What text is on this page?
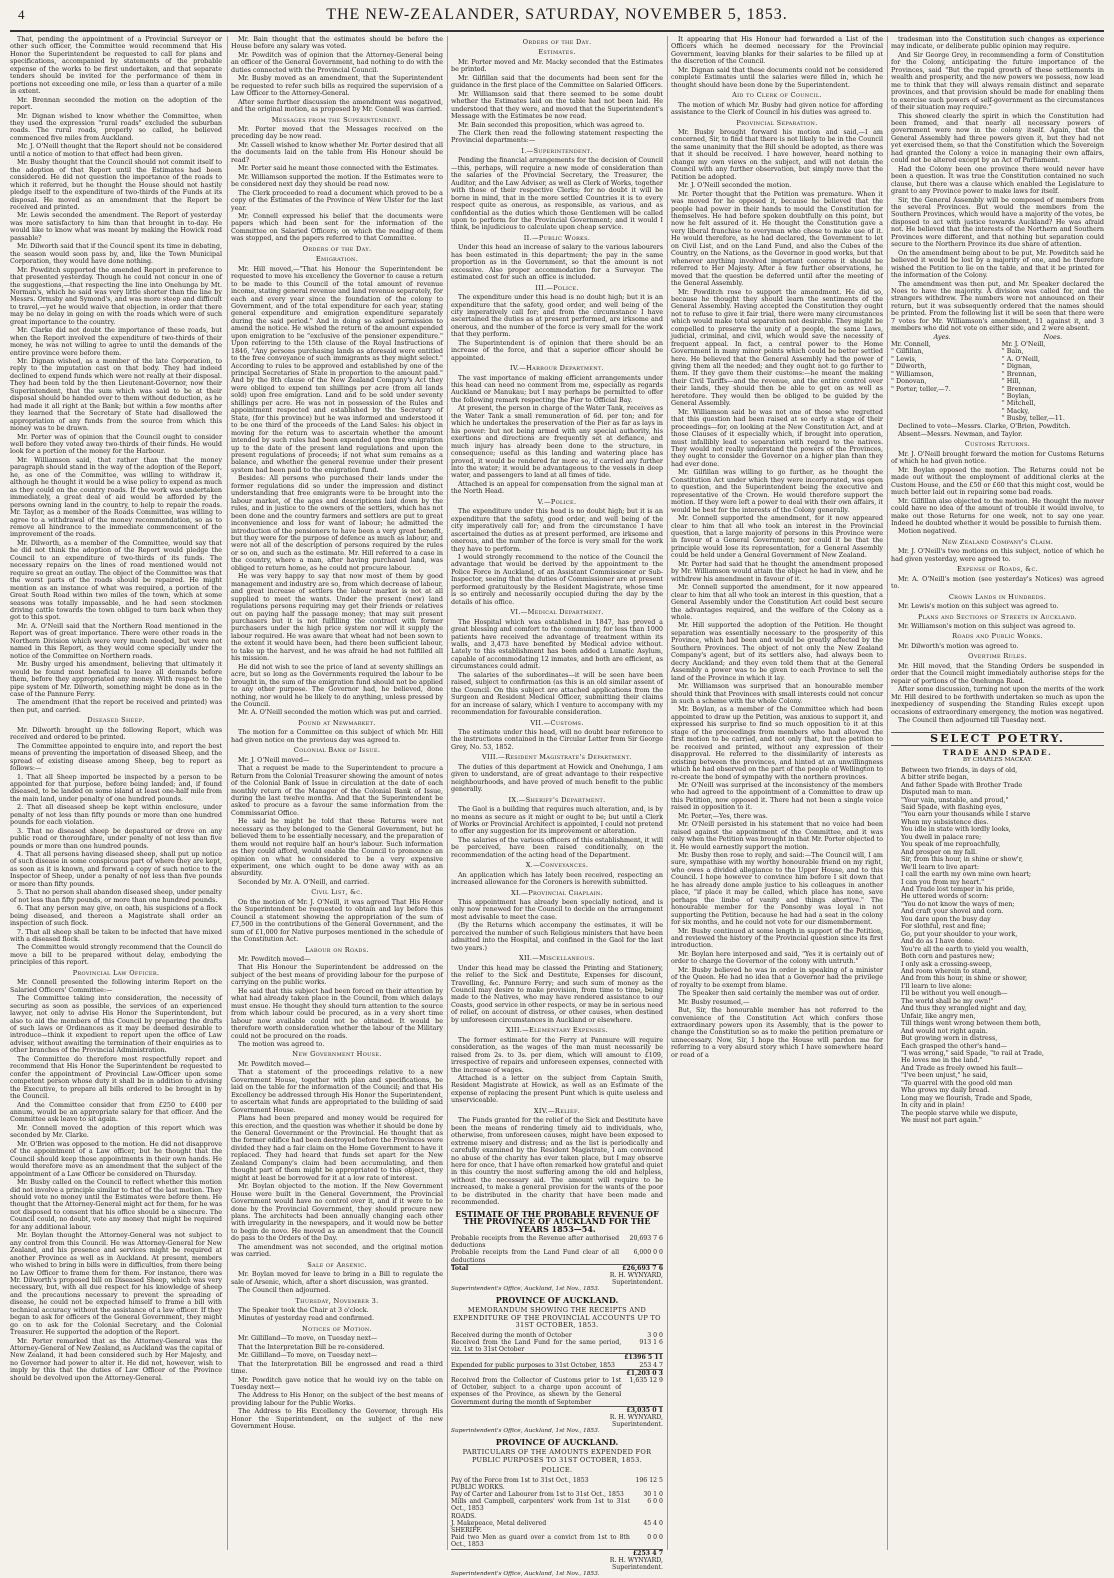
4	THE NEW-ZEALANDER, SATURDAY, NOVEMBER 5, 1853.

That, pending the appointment of a Provincial Surveyor or other such officer, the Committee would recommend that His Honor the Superintendent be requested to call for plans and specifications, accompanied by statements of the probable expense of the works to be first undertaken, and that separate tenders should be invited for the performance of them in portions not exceeding one mile, or less than a quarter of a mile in extent.

Mr. Brennan seconded the motion on the adoption of the report.

Mr. Dignan wished to know whether the Committee, when they used the expression "rural roads" excluded the suburban roads. The rural roads, properly so called, he believed commenced five miles from Auckland.

Mr. J. O'Neill thought that the Report should not be considered until a notice of motion to that effect had been given.

Mr. Busby thought that the Council should not commit itself to the adoption of that Report until the Estimates had been considered. He did not question the importance of the roads to which it referred, but he thought the House should not hastily pledge itself to the expenditure of two-thirds of the Funds at its disposal. He moved as an amendment that the Report be received and printed.

Mr. Lewis seconded the amendment. The Report of yesterday was more satisfactory to him than that brought in to-day. He would like to know what was meant by making the Howick road passable?

Mr. Dilworth said that if the Council spent its time in debating, the season would soon pass by, and, like the Town Municipal Corporation, they would have done nothing.

Mr. Powditch supported the amended Report in preference to that presented yesterday. Though he could not concur in one of the suggestions,—that respecting the line into Onehunga by Mt. Norman's, which he said was very little shorter than the line by Messrs. Ormsby and Symond's, and was more steep and difficult to travel,—yet he would waive that objection, in order that there may be no delay in going on with the roads which were of such great importance to the country.

Mr. Clarke did not doubt the importance of these roads, but when the Report involved the expenditure of two-thirds of their money, he was not willing to agree to until the demands of the entire province were before them.

Mr. Dignan wished, as a member of the late Corporation, to reply to the imputation cast on that body. They had indeed declined to expend funds which were not really at their disposal. They had been told by the then Lieutenant-Governor, now their Superintendent, that the sum which was said to be at their disposal should be handed over to them without deduction, as he had made it all right at the Bank; but within a few months after they learned that the Secretary of State had disallowed the appropriation of any funds from the source from which this money was to be drawn.

Mr. Porter was of opinion that the Council ought to consider well before they voted away two-thirds of their funds. He would look for a portion of the money for the Harbour.

Mr. Williamson said, that rather than that the money paragraph should stand in the way of the adoption of the Report, he, as one of the Committee, was willing to withdraw it, although he thought it would be a wise policy to expend as much as they could on the country roads. If the work was undertaken immediately, a great deal of aid would be afforded by the persons owning land in the country, to help to repair the roads. Mr. Taylor, as a member of the Roads Committee, was willing to agree to a withdrawal of the money recommendation, so as to remove all hindrance to the immediate commencement of the improvement of the roads.

Mr. Dilworth, as a member of the Committee, would say that he did not think the adoption of the Report would pledge the Council to an expenditure of two-thirds of its funds. The necessary repairs on the lines of road mentioned would not require so great an outlay. The object of the Committee was that the worst parts of the roads should be repaired. He might mention as an instance of what was required, a portion of the Great South Road within two miles of the town, which at some seasons was totally impassable, and he had seen stockmen driving cattle towards the town obliged to turn back when they got to this spot.

Mr. A. O'Neill said that the Northern Road mentioned in the Report was of great importance. There were other roads in the Northern Division which were very much needed, but were not named in this Report, as they would come specially under the notice of the Committee on Northern roads.

Mr. Busby urged his amendment, believing that ultimately it would be found most beneficial to leave all demands before them, before they appropriated any money. With respect to the pipe system of Mr. Dilworth, something might be done as in the case of the Pannure Ferry.

The amendment (that the report be received and printed) was then put, and carried.

Diseased Sheep.

Mr. Dilworth brought up the following Report, which was received and ordered to be printed.

The Committee appointed to enquire into, and report the best means of preventing the importation of diseased Sheep, and the spread of existing disease among Sheep, beg to report as follows:—

1. That all Sheep imported be inspected by a person to be appointed for that purpose, before being landed; and, if found diseased, to be landed on some island at least one-half mile from the main land, under penalty of one hundred pounds.

2. That all diseased sheep be kept within enclosure, under penalty of not less than fifty pounds or more than one hundred pounds for each violation.

3. That no diseased sheep be depastured or drove on any public road or thoroughfare, under penalty of not less than five pounds or more than one hundred pounds.

4. That all persons having diseased sheep, shall put up notice of such disease in some conspicuous part of where they are kept, as soon as it is known, and forward a copy of such notice to the Inspector of Sheep, under a penalty of not less than five pounds or more than fifty pounds.

5. That no person shall abandon diseased sheep, under penalty of not less than fifty pounds, or more than one hundred pounds.

6. That any person may give, on oath, his suspicions of a flock being diseased, and thereon a Magistrate shall order an inspection of such flock.

7. That all sheep shall be taken to be infected that have mixed with a diseased flock.

The Committee would strongly recommend that the Council do move a bill to be prepared without delay, embodying the principles of this report.

Provincial Law Officer.

Mr. Connell presented the following interim Report on the Salaried Officers' Committee:—

The Committee taking into consideration, the necessity of securing as soon as possible, the services of an experienced lawyer, not only to advise His Honor the Superintendent, but also to aid the members of this Council by preparing the drafts of such laws or Ordinances as it may be deemed desirable to introduce—think it expedient to report upon the office of Law adviser, without awaiting the termination of their enquiries as to other branches of the Provincial Administration.

The Committee do therefore most respectfully report and recommend that His Honor the Superintendent be requested to confer the appointment of Provincial Law-Officer upon some competent person whose duty it shall be in addition to advising the Executive, to prepare all bills ordered to be brought in by the Council.

And the Committee consider that from £250 to £400 per annum, would be an appropriate salary for that officer. And the Committee ask leave to sit again.

Mr. Connell moved the adoption of this report which was seconded by Mr. Clarke.

Mr. O'Brien was opposed to the motion. He did not disapprove of the appointment of a Law officer, but he thought that the Council should keep those appointments in their own hands. He would therefore move as an amendment that the subject of the appointment of a Law Officer be considered on Thursday.

Mr. Busby called on the Council to reflect whether this motion did not involve a principle similar to that of the last motion. They should vote no money until the Estimates were before them. He thought that the Attorney-General might act for them, for he was not disposed to consent that his office should be a sinecure. The Council could, no doubt, vote any money that might be required for any additional labour.

Mr. Boylan thought the Attorney-General was not subject to any control from this Council. He was Attorney-General for New Zealand, and his presence and services might be required at another Province as well as in Auckland. At present, members who wished to bring in bills were in difficulties, from there being no Law Officer to frame them for them. For instance, there was Mr. Dilworth's proposed bill on Diseased Sheep, which was very necessary, but, with all due respect for his knowledge of sheep and the precautions necessary to prevent the spreading of disease, he could not be expected himself to frame a bill with technical accuracy without the assistance of a law officer. If they began to ask for officers of the General Government, they might go on to ask for the Colonial Secretary, and the Colonial Treasurer. He supported the adoption of the Report.

Mr. Porter remarked that as the Attorney-General was the Attorney-General of New Zealand, as Auckland was the capital of New Zealand, it had been considered such by Her Majesty, and no Governor had power to alter it. He did not, however, wish to imply by this that the duties of Law Officer of the Province should be devolved upon the Attorney-General.

Mr. Bain thought that the estimates should be before the House before any salary was voted.

Mr. Powditch was of opinion that the Attorney-General being an officer of the General Government, had nothing to do with the duties connected with the Provincial Council.

Mr. Busby moved as an amendment, that the Superintendent be requested to refer such bills as required the supervision of a Law Officer to the Attorney-General.

After some further discussion the amendment was negatived, and the original motion, as proposed by Mr. Connell was carried.

Messages from the Superintendent.

Mr. Porter moved that the Messages received on the preceding day be now read.

Mr. Cassell wished to know whether Mr. Porter desired that all the documents laid on the table from His Honour should be read?

Mr. Porter said he meant those connected with the Estimates.

Mr. Williamson supported the motion. If the Estimates were to be considered next day they should be read now.

The Clerk proceeded to read a document which proved to be a copy of the Estimates of the Province of Wew Ulster for the last year.

Mr. Connell expressed his belief that the documents were papers which had been sent for the information of the Committee on Salaried Officers; on which the reading of them was stopped, and the papers referred to that Committee.

Orders of the Day.
Emigration.

Mr. Hill moved,—"That his Honour the Superintendent be requested to move his excellency the Governor to cause a return to be made to this Council of the total amount of revenue income, stating general revenue and land revenue separately, for each and every year since the foundation of the colony to Government, and of the total expenditure for each year, stating general expenditure and emigration expenditure separately during the said period." And in doing so asked permission to amend the notice. He wished the return of the amount expended upon emigration to be "exclusive of the pensioner expenditure." Upon referring to the 15th clause of the Royal Instructions of 1846, "Any persons purchasing lands as aforesaid were entitled to the free conveyance of such immigrants as they might select." According to rules to be approved and established by one of the principal Secretaries of State in proportion to the amount paid." And by the 8th clause of the New Zealand Company's Act they were obliged to expend ten shillings per acre (from all lands sold) upon free emigration. Land and to be sold under seventy shillings per acre. He was not in possession of the Rules and appointment respected and established by the Secretary of State, (for this province) but he was informed and understood it to be one third of the proceeds of the Land Sales: his object in moving for the return was to ascertain whether the amount intended by such rules had been expended upon free emigration up to the date of the present land regulations and upon the present regulations of proceeds; if not what sum remains as a balance, and whether the general revenue under their present system had been paid to the emigration fund.

Besides: All persons who purchased their lands under the former regulations did so under the impression and distinct understanding that free emigrants were to be brought into the labour market, of the ages and descriptions laid down by the rules, and in justice to the owners of the settlers, which has not been done and the country farmers and settlers are put to great inconvenience and loss for want of labour; he admitted the introduction of the pensioners to have been a very great benefit, but they were for the purpose of defence as much as labour, and were not all of the description of persons required by the rules or so on, and such as the estimate. Mr. Hill referred to a case in the country, where a man, after having purchased land, was obliged to return home, as he could not procure labour.

He was very happy to say that now most of them by good management and industry are so, from which decrease of labour, and great increase of settlers the labour market is not at all supplied to meet the wants. Under the present (new) land regulations persons requiring may get their friends or relatives out on paying half the passage money; that may suit present purchasers but it is not fulfilling the contract with former purchasers under the high price system nor will it supply the labour required. He was aware that wheat had not been sown to the extent it would have been, had there been sufficient labour, to take up the harvest, and he was afraid he had not fulfilled all his mission.

He did not wish to see the price of land at seventy shillings an acre, but so long as the Governments required the labour to be brought in, the sum of the emigration fund should not be applied to any other purpose. The Governor had, he believed, done nothing, nor would he be likely to do anything, unless pressed by the Council.

Mr. A. O'Neill seconded the motion which was put and carried.

Pound at Newmarket.

The motion for a Committee on this subject of which Mr. Hill had given notice on the previous day was agreed to.

Colonial Bank of Issue.

Mr. J. O'Neill moved—

That a request be made to the Superintendent to procure a Return from the Colonial Treasurer showing the amount of notes of the Colonial Bank of Issue in circulation at the date of each monthly return of the Manager of the Colonial Bank of Issue, during the last twelve months. And that the Superintendent be asked to procure as a favour the same information from the Commissariat Office.

He said he might be told that these Returns were not necessary as they belonged to the General Government, but he believed them to be essentially necessary, and the preparation of them would not require half an hour's labour. Such information as they could afford, would enable the Council to pronounce an opinion on what he considered to be a very expensive experiment, one which ought to be done away with as an absurdity.

Seconded by Mr. A. O'Neill, and carried.

Civil List, &c.

On the motion of Mr. J. O'Neill, it was agreed That His Honor the Superintendent be requested to obtain and lay before this Council a statement showing the appropriation of the sum of £7,500 in the contributions of the General Government, and the sum of £1,000 for Native purposes mentioned in the schedule of the Constitution Act.

Labour on Roads.

Mr. Powditch moved—

That His Honour the Superintendent be addressed on the subject of the best means of providing labour for the purpose of carrying on the public works.

He said that this subject had been forced on their attention by what had already taken place in the Council, from which delays must ensue. He thought they should turn attention to the source from which labour could be procured, as in a very short time labour now available could not be obtained. It would be therefore worth consideration whether the labour of the Military could not be procured on the roads.

The motion was agreed to.

New Government House.

Mr. Powditch moved—

That a statement of the proceedings relative to a new Government House, together with plan and specifications, be laid on the table for the information of the Council; and that His Excellency be addressed through His Honor the Superintendent, to ascertain what funds are appropriated to the building of said Government House.

Plans had been prepared and money would be required for this erection, and the question was whether it should be done by the General Government or the Provincial. He thought that as the former edifice had been destroyed before the Provinces were divided they had a fair claim on the Home Government to have it replaced. They had heard that funds set apart for the New Zealand Company's claim had been accumulating, and then thought part of them might be appropriated to this object, they might at least be borrowed for it at a low rate of interest.

Mr. Boylan objected to the motion. If the New Government House were built in the General Government, the Provincial Government would have no control over it, and if it were to be done by the Provincial Government, they should procure new plans. The architects had been annually changing each other with irregularity in the newspapers, and it would now be better to begin de novo. He moved as an amendment that the Council do pass to the Orders of the Day.

The amendment was not seconded, and the original motion was carried.

Sale of Arsenic.

Mr. Boylan moved for leave to bring in a Bill to regulate the sale of Arsenic, which, after a short discussion, was granted.

The Council then adjourned.

Thursday, November 3.

The Speaker took the Chair at 3 o'clock.

Minutes of yesterday read and confirmed.

Notices of Motion.

Mr. Gillilland—To move, on Tuesday next—

That the Interpretation Bill be re-considered.

Mr. Gillilland—To move, on Tuesday next—

That the Interpretation Bill be engrossed and read a third time.

Mr. Powditch gave notice that he would ivy on the table on Tuesday next—

The Address to His Honor, on the subject of the best means of providing labour for the Public Works.

The Address to His Excellency the Governor, through His Honor the Superintendent, on the subject of the new Government House.

Orders of the Day.
Estimates.

Mr. Porter moved and Mr. Macky seconded that the Estimates be printed.

Mr. Gilfillan said that the documents had been sent for the guidance in the first place of the Committee on Salaried Officers.

Mr. Williamson said that there seemed to be some doubt whether the Estimates laid on the table had not been laid. He understood that they were, and moved that the Superintendent's Message with the Estimates be now read.

Mr. Bain seconded this proposition, which was agreed to.

The Clerk then read the following statement respecting the Provincial departments:—

I.—Superintendent.

Pending the financial arrangements for the decision of Council—this, perhaps, will require a new mode of consideration than the salaries of the Provincial Secretary, the Treasurer, the Auditor, and the Law Adviser, as well as Clerk of Works, together with those of their respective Clerks; for no doubt it will be borne in mind, that in the more settled Countries it is to every respect quite as onerous, as responsible, as various, and as confidential as the duties which those Gentlemen will be called upon to perform for the Provincial Government; and it would I think, be injudicious to calculate upon cheap service.

II.—Public Works.

Under this head an increase of salary to the various labourers has been estimated in this department; the pay in the same proportion as in the Government, so that the amount is not excessive. Also proper accommodation for a Surveyor. The estimated cost for such an office is included.

III.—Police.

The expenditure under this head is no doubt high; but it is an expenditure that the safety, good order, and well being of the city imperatively call for; and from the circumstance I have ascertained the duties as at present performed, are irksome and onerous, and the number of the force is very small for the work that they perform.

The Superintendent is of opinion that there should be an increase of the force, and that a superior officer should be appointed.

IV.—Harbour Department.

The vast importance of making efficient arrangements under this head can need no comment from me, especially as regards Auckland or Manukau; but I may perhaps be permitted to offer the following remark respecting the Pier to Official Bay.

At present, the person in charge of the Water Tank, receives as the Water Tank a small remuneration of 6d. per ton; and for which he undertakes the preservation of the Pier as far as lays in his power: but not being armed with any special authority, his exertions and directions are frequently set at defiance, and much injury has already been done to the structure, in consequence; useful as this landing and watering place has proved, it would be rendered far more so, if carried any further into the water; it would be advantageous to the vessels in deep water, and passengers to land at all times of tide.

Attached is an appeal for compensation from the signal man at the North Head.

V.—Police.

The expenditure under this head is no doubt high; but it is an expenditure that the safety, good order, and well being of the city imperatively call for; and from the circumstance I have ascertained the duties as at present performed, are irksome and onerous, and the number of the force is very small for the work they have to perform.

I would strongly recommend to the notice of the Council the advantage that would be derived by the appointment to the Police Force in Auckland, of an Assistant Commissioner or Sub-Inspector, seeing that the duties of Commissioner are at present performed gratuitously by the Resident Magistrate, whose time is so entirely and necessarily occupied during the day by the details of his office.

VI.—Medical Department.

The Hospital which was established in 1847, has proved a great blessing and comfort to the community, for less than 1000 patients have received the advantage of treatment within its walls, and 3,473 have benefited by Medical advice without. Lately to this establishment has been added a Lunatic Asylum, capable of accommodating 12 inmates, and both are efficient, as circumstances could admit.

The salaries of the subordinates—it will be seen have been raised, subject to confirmation (as this is an old similar assent of the Council. On this subject are attached applications from the Surgeon and Resident Medical Officer, submitting their claims for an increase of salary, which I venture to accompany with my recommendation for favourable consideration.

VII.—Customs.

The estimate under this head, will no doubt bear reference to the instructions contained in the Circular Letter from Sir George Grey, No. 53, 1852.

VIII.—Resident Magistrate's Department.

The duties of this department at Howick and Onehunga, I am given to understand, are of great advantage to their respective neighbourhoods, and have proved of much benefit to the public generally.

IX.—Sheriff's Department.

The Gaol is a building that requires much alteration, and, is by no means as secure as it might or ought to be; but until a Clerk of Works or Provincial Architect is appointed, I could not pretend to offer any suggestion for its improvement or alteration.

The salaries of the various officers of this establishment, it will be perceived, have been raised conditionally, on the recommendation of the acting head of the Department.

X.—Conveyances.

An application which has lately been received, respecting an increased allowance for the Coroners is herewith submitted.

XI.—Provincial Chaplain.

This appointment has already been specially noticed, and is only now renewed for the Council to decide on the arrangement most advisable to meet the case.

(By the Returns which accompany the estimates, it will be perceived the number of such Religious ministers that have been admitted into the Hospital, and confined in the Gaol for the last two years.)

XII.—Miscellaneous.

Under this head may be classed the Printing and Stationery, the relief to the Sick and Destitute, Expenses for discount, Travelling, &c. Pannure Ferry; and such sum of money as the Council may desire to make provision, from time to time, being made to the Natives, who may have rendered assistance to our Coasts, good service in other respects, or may be in serious need of relief, on account of distress, or other causes, when destined by unforeseen circumstances in Auckland or elsewhere.

XIII.—Elementary Expenses.

The former estimate for the Ferry at Panmure will require consideration, as the wages of the man must necessarily be raised from 2s. to 3s. per diem, which will amount to £109, irrespective of repairs and unforeseen expenses, connected with the increase of wages.

Attached is a letter on the subject from Captain Smith, Resident Magistrate at Howick, as well as an Estimate of the expense of replacing the present Punt which is quite useless and unserviceable.

XIV.—Relief.

The Funds granted for the relief of the Sick and Destitute have been the means of rendering timely aid to individuals, who, otherwise, from unforeseen causes, might have been exposed to extreme misery and distress; and as the list is periodically and carefully examined by the Resident Magistrate, I am convinced no abuse of the charity has ever taken place, but I may observe here for once, that I have often remarked how grateful and quiet in this country the most suffering among the old and helpless, without the necessary aid. The amount will require to be increased, to make a general provision for the wants of the poor to be distributed in the charity that have been made and recommended.

ESTIMATE OF THE PROBABLE REVENUE OF THE PROVINCE OF AUCKLAND FOR THE YEARS 1853—54.
Probable receipts from the Revenue after authorised deductions	20,693 7 6
Probable receipts from the Land Fund clear of all deductions	6,000 0 0
Total	£26,693 7 6
R. H. WYNYARD,
Superintendent.
Superintendent's Office, Auckland, 1st Nov., 1853.
PROVINCE OF AUCKLAND.
MEMORANDUM SHOWING THE RECEIPTS AND EXPENDITURE OF THE PROVINCIAL ACCOUNTS UP TO 31ST OCTOBER, 1853.
Received during the month of October	3 0 0
Received from the Land Fund for the same period, viz. 1st to 31st October	913 1 6
	£1396 5 11
Expended for public purposes to 31st October, 1853	253 4 7
	£1,203 0 3
Received from the Collector of Customs prior to 1st of October, subject to a charge upon account of expenses of the Province, as shewn by the General Government during the month of September	1,635 12 9
	£3,035 0 1
R. H. WYNYARD,
Superintendent.
Superintendent's Office, Auckland, 1st Nov., 1853.
PROVINCE OF AUCKLAND.
PARTICULARS OF THE AMOUNTS EXPENDED FOR PUBLIC PURPOSES TO 31ST OCTOBER, 1853.
POLICE.
Pay of the Force from 1st to 31st Oct., 1853	196 12 5
PUBLIC WORKS.	
Pay of Carter and Labourer from 1st to 31st Oct., 1853	30 1 0
Mills and Campbell, carpenters' work from 1st to 31st Oct., 1853	6 0 0
ROADS.	
J. Makepeace, Metal delivered	45 4 0
SHERIFF.	
Paid two Men as guard over a convict from 1st to 8th Oct., 1853	0 0 0
	£253 4 7
R. H. WYNYARD,
Superintendent.
Superintendent's Office, Auckland, 1st Nov., 1853.

It appearing that His Honour had forwarded a List of the Officers which he deemed necessary for the Provincial Government, leaving blanks for their salaries to be filled up at the discretion of the Council.

Mr. Dignan said that these documents could not be considered complete Estimates until the salaries were filled in, which he thought should have been done by the Superintendent.

Aid to Clerk of Council.

The motion of which Mr. Busby had given notice for affording assistance to the Clerk of Council in his duties was agreed to.

Provincial Separation.

Mr. Busby brought forward his motion and said,—I am concerned, Sir, to find that there is not likely to be in the Council the same unanimity that the Bill should be adopted, as there was that it should be received. I have however, heard nothing to change my own views on the subject, and will not detain the Council with any further observation, but simply move that the Petition be adopted.

Mr. J. O'Neill seconded the motion.

Mr. Porter thought that the Petition was premature. When it was moved for he opposed it, because he believed that the people had power in their hands to mould the Constitution for themselves. He had before spoken doubtfully on this point, but now he felt assured of it. He thought the Constitution gave a very liberal franchise to everyman who chose to make use of it. He would therefore, as he had declared, the Government to let on Civil List, and on the Land Fund, and also the Cubes of the Country, on the Nations, as the Governor in good works, but that whenever anything involved important concerns it should be referred to Her Majesty. After a few further observations, he moved that the question be deferred until after the meeting of the General Assembly.

Mr. Powditch rose to support the amendment. He did so, because he thought they should learn the sentiments of the General Assembly. Having accepted the Constitution they ought not to refuse to give it fair trial, there were many circumstances which would make total separation not desirable. They might be compelled to preserve the unity of a people, the same Laws, judicial, criminal, and civil, which would save the necessity of frequent appeal. In fact, a central power to the Home Government in many minor points which could be better settled here. He believed that the General Assembly had the power of giving them all the needed; and they ought not to go further to them. If they gave them their customs:—he meant the making their Civil Tariffs—and the revenue, and the entire control over their lands, they should then be able to get on as well as heretofore. They would then be obliged to be guided by the General Assembly.

Mr. Williamson said he was not one of those who regretted that this question had been raised at so early a stage of their proceedings—for, on looking at the New Constitution Act, and at those Clauses of it especially which, if brought into operation, must infallibly lead to separation with regard to the natives. They would not really understand the powers of the Provinces, they ought to consider the Governor on a higher plan than they had ever done.

Mr. Gilfillan was willing to go further, as he thought the Constitution Act under which they were incorporated, was open to question, and the Superintendent being the executive and representative of the Crown. He would therefore support the motion. If they were left a power to deal with their own affairs, it would be best for the interests of the Colony generally.

Mr. Connell supported the amendment, for it now appeared clear to him that all who took an interest in the Provincial question, that a large majority of persons in this Province were in favour of a General Government; nor could it be that the principle would lose its representation, for a General Assembly could be held under a General Government of New Zealand.

Mr. Porter had said that he thought the amendment proposed by Mr. Williamson would attain the object he had in view, and he withdrew his amendment in favour of it.

Mr. Connell supported the amendment, for it now appeared clear to him that all who took an interest in this question, that a General Assembly under the Constitution Act could best secure the advantages required, and the welfare of the Colony as a whole.

Mr. Hill supported the adoption of the Petition. He thought separation was essentially necessary to the prosperity of this Province, which had been and would be greatly affected by the Southern Provinces. The object of not only the New Zealand Company's agent, but of its settlers also, had always been to decry Auckland; and they even told them that at the General Assembly a power was to be given to each Province to sell the land of the Province in which it lay.

Mr. Williamson was surprised that an honourable member should think that Provinces with small interests could not concur in such a scheme with the whole Colony.

Mr. Boylan, as a member of the Committee which had been appointed to draw up the Petition, was anxious to support it, and expressed his surprise to find so much opposition to it at this stage of the proceedings from members who had allowed the first motion to be carried, and not only that, but the petition to be received and printed, without any expression of their disapproval. He referred to the dissimilarity of interests as existing between the provinces, and hinted at an unwillingness which he had observed on the part of the people of Wellington to re-create the bond of sympathy with the northern provinces.

Mr. O'Neill was surprised at the inconsistency of the members who had agreed to the appointment of a Committee to draw up this Petition, now opposed it. There had not been a single voice raised in opposition to it.

Mr. Porter,—Yes, there was.

Mr. O'Neill persisted in his statement that no voice had been raised against the appointment of the Committee, and it was only when the Petition was brought in that Mr. Porter objected to it. He would earnestly support the motion.

Mr. Busby then rose to reply, and said:—The Council will, I am sure, sympathise with my worthy honourable friend on my right, who owes a divided allegiance to the Upper House, and to this Council. I hope however to convince him before I sit down that he has already done ample justice to his colleagues in another place, "if place it may be called, which place has none, save perhaps the limbo of vanity and things abortive." The honourable member for the Ponsonby was loyal in not supporting the Petition, because he had had a seat in the colony for six months, and he could not vote for our dismemberment.

Mr. Busby continued at some length in support of the Petition, and reviewed the history of the Provincial question since its first introduction.

Mr. Boylan here interposed and said, "Yes it is certainly out of order to charge the Governor of the colony with untruth."

Mr. Busby believed he was in order in speaking of a minister of the Queen. He had no idea that a Governor had the privilege of royalty to be exempt from blame.

The Speaker then said certainly the member was out of order.

Mr. Busby resumed,—

But, Sir, the honourable member has not referred to the convenience of the Constitution Act which confers those extraordinary powers upon its Assembly, that is the power to change the Constitution so as to make the petition premature or unnecessary. Now, Sir, I hope the House will pardon me for referring to a very absurd story which I have somewhere heard or read of a

tradesman into the Constitution such changes as experience may indicate, or deliberate public opinion may require.

And Sir George Grey, in recommending a form of Constitution for the Colony, anticipating the future importance of the Provinces, said "But the rapid growth of these settlements in wealth and prosperity, and the new powers we possess, now lead me to think that they will always remain distinct and separate provinces, and that provision should be made for enabling them to exercise such powers of self-government as the circumstances of their situation may require."

This showed clearly the spirit in which the Constitution had been framed, and that nearly all necessary powers of government were now in the colony itself. Again, that the General Assembly had three powers given it, but they had not yet exercised them, so that the Constitution which the Sovereign had granted the Colony a voice in managing their own affairs, could not be altered except by an Act of Parliament.

Had the Colony been one province there would never have been a question. It was true the Constitution contained no such clause, but there was a clause which enabled the Legislature to grant to any Province power to make laws for itself.

Sir, the General Assembly will be composed of members from the several Provinces. But would the members from the Southern Provinces, which would have a majority of the votes, be disposed to act with justice towards Auckland? He was afraid not. He believed that the interests of the Northern and Southern Provinces were different, and that nothing but separation could secure to the Northern Province its due share of attention.

On the amendment being about to be put, Mr. Powditch said he believed it would be lost by a majority of one, and he therefore wished the Petition to lie on the table, and that it be printed for the information of the Colony.

The amendment was then put, and Mr. Speaker declared the Noes to have the majority. A division was called for, and the strangers withdrew. The numbers were not announced on their return, but it was subsequently ordered that the names should be printed. From the following list it will be seen that there were 7 votes for Mr. Williamson's amendment, 11 against it, and 3 members who did not vote on either side, and 2 were absent.

Ayes.
Mr. Connell,
" Gilfillan,
" Lewis,
" Dilworth,
" Williamson,
" Donovan,
" Porter, teller,—7.
Noes.
Mr. J. O'Neill,
" Bain,
" A. O'Neill,
" Dignan,
" Brennan,
" Hill,
" Brennan,
" Boylan,
" Mitchell,
" Macky,
" Busby, teller,—11.

Declined to vote—Messrs. Clarke, O'Brien, Powditch.

Absent—Messrs. Newman, and Taylor.

Customs Returns.

Mr. J. O'Neill brought forward the motion for Customs Returns of which he had given notice.

Mr. Boylan opposed the motion. The Returns could not be made out without the employment of additional clerks at the Custom House, and the £50 or £60 that this might cost, would be much better laid out in repairing some bad roads.

Mr. Gilfillan also objected to the motion. He thought the mover could have no idea of the amount of trouble it would involve, to make out those Returns for one week, not to say one year. Indeed he doubted whether it would be possible to furnish them.

Motion negatived.

New Zealand Company's Claim.

Mr. J. O'Neill's two motions on this subject, notice of which he had given yesterday, were agreed to.

Expense of Roads, &c.

Mr. A. O'Neill's motion (see yesterday's Notices) was agreed to.

Crown Lands in Hundreds.

Mr. Lewis's motion on this subject was agreed to.

Plans and Sections of Streets in Auckland.

Mr. Williamson's motion on this subject was agreed to.

Roads and Public Works.

Mr. Dilworth's motion was agreed to.

Overtime Rules.

Mr. Hill moved, that the Standing Orders be suspended in order that the Council might immediately authorise steps for the repair of portions of the Onehunga Road.

After some discussion, turning not upon the merits of the work Mr. Hill desired to be forthwith undertaken so much as upon the inexpediency of suspending the Standing Rules except upon occasions of extraordinary emergency, the motion was negatived.

The Council then adjourned till Tuesday next.

SELECT POETRY.
TRADE AND SPADE.
BY CHARLES MACKAY.
Between two friends, in days of old,
A bitter strife began,
And father Spade with Brother Trade
Disputed man to man.
"Your vain, unstable, and proud,"
Said Spade, with flashing eyes,
"You earn your thousands while I starve
When my subsistence dies.
You idle in state with lordly looks,
You dwell in palace rare;
You speak of me reproachfully,
And prosper on my fall.
Sir, from this hour, in shine or show'r,
We'll learn to live apart:
I call the earth my own mine own heart;
I can you from my heart."
And Trade lost temper in his pride,
He uttered words of scorn:
"You do not know the ways of men;
And craft your shovel and corn.
You dare upon the busy day
For slothful, rest and fine;
Go, put your shoulder to your work,
And do as I have done.
You're all the earth to yield you wealth,
Both corn and pastures new;
I only ask a crossing-sweep,
And room wherein to stand,
And from this hour, in shine or shower,
I'll learn to live alone:
I'll be without you well enough—
The world shall be my own!"
And thus they wrangled night and day,
Unfair, like angry men,
Till things went wrong between them both,
And would not right again.
But growing worn in distress,
Each grasped the other's hand—
"I was wrong," said Spade, "to rail at Trade,
He loves me in the land."
And Trade as freely owned his fault—
"I've been unjust," he said,
"To quarrel with the good old man
Who grows my daily bread.
Long may we flourish, Trade and Spade,
In city and in plain!
The people starve while we dispute,
We must not part again."
